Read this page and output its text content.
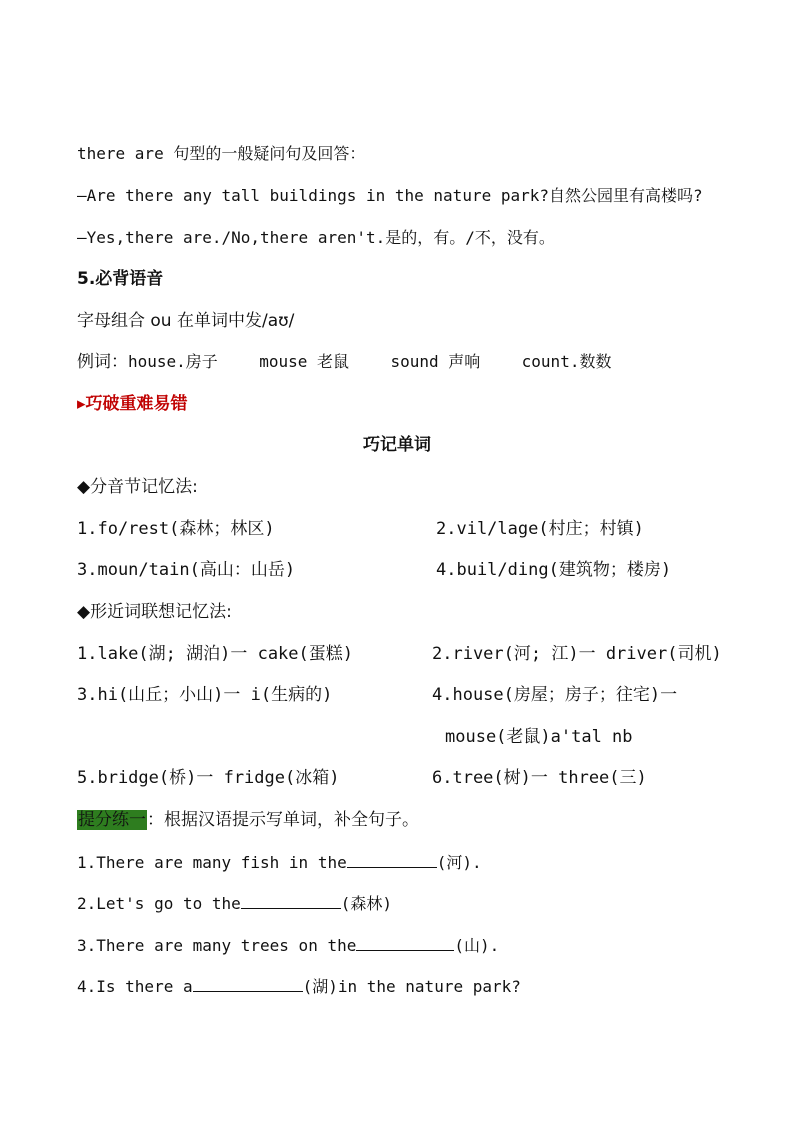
there are 句型的一般疑问句及回答：
—Are there any tall buildings in the nature park?自然公园里有高楼吗?
—Yes,there are./No,there aren't.是的，有。/不，没有。
5.必背语音
字母组合 ou 在单词中发/aʊ/
例词：house.房子	mouse 老鼠	sound 声响	count.数数
▸巧破重难易错
巧记单词
◆分音节记忆法:
1.fo/rest(森林；林区)	2.vil/lage(村庄；村镇)
3.moun/tain(高山：山岳)	4.buil/ding(建筑物；楼房)
◆形近词联想记忆法:
1.lake(湖; 湖泊)一 cake(蛋糕)	2.river(河; 江)一 driver(司机)
3.hi(山丘；小山)一 i(生病的)	4.house(房屋；房子；往宅)一
mouse(老鼠)a'tal nb
5.bridge(桥)一 fridge(冰箱)	6.tree(树)一 three(三)
提分练一：根据汉语提示写单词，补全句子。
1.There are many fish in the	(河).
2.Let's go to the	(森林)
3.There are many trees on the	(山).
4.Is there a	(湖)in the nature park?
